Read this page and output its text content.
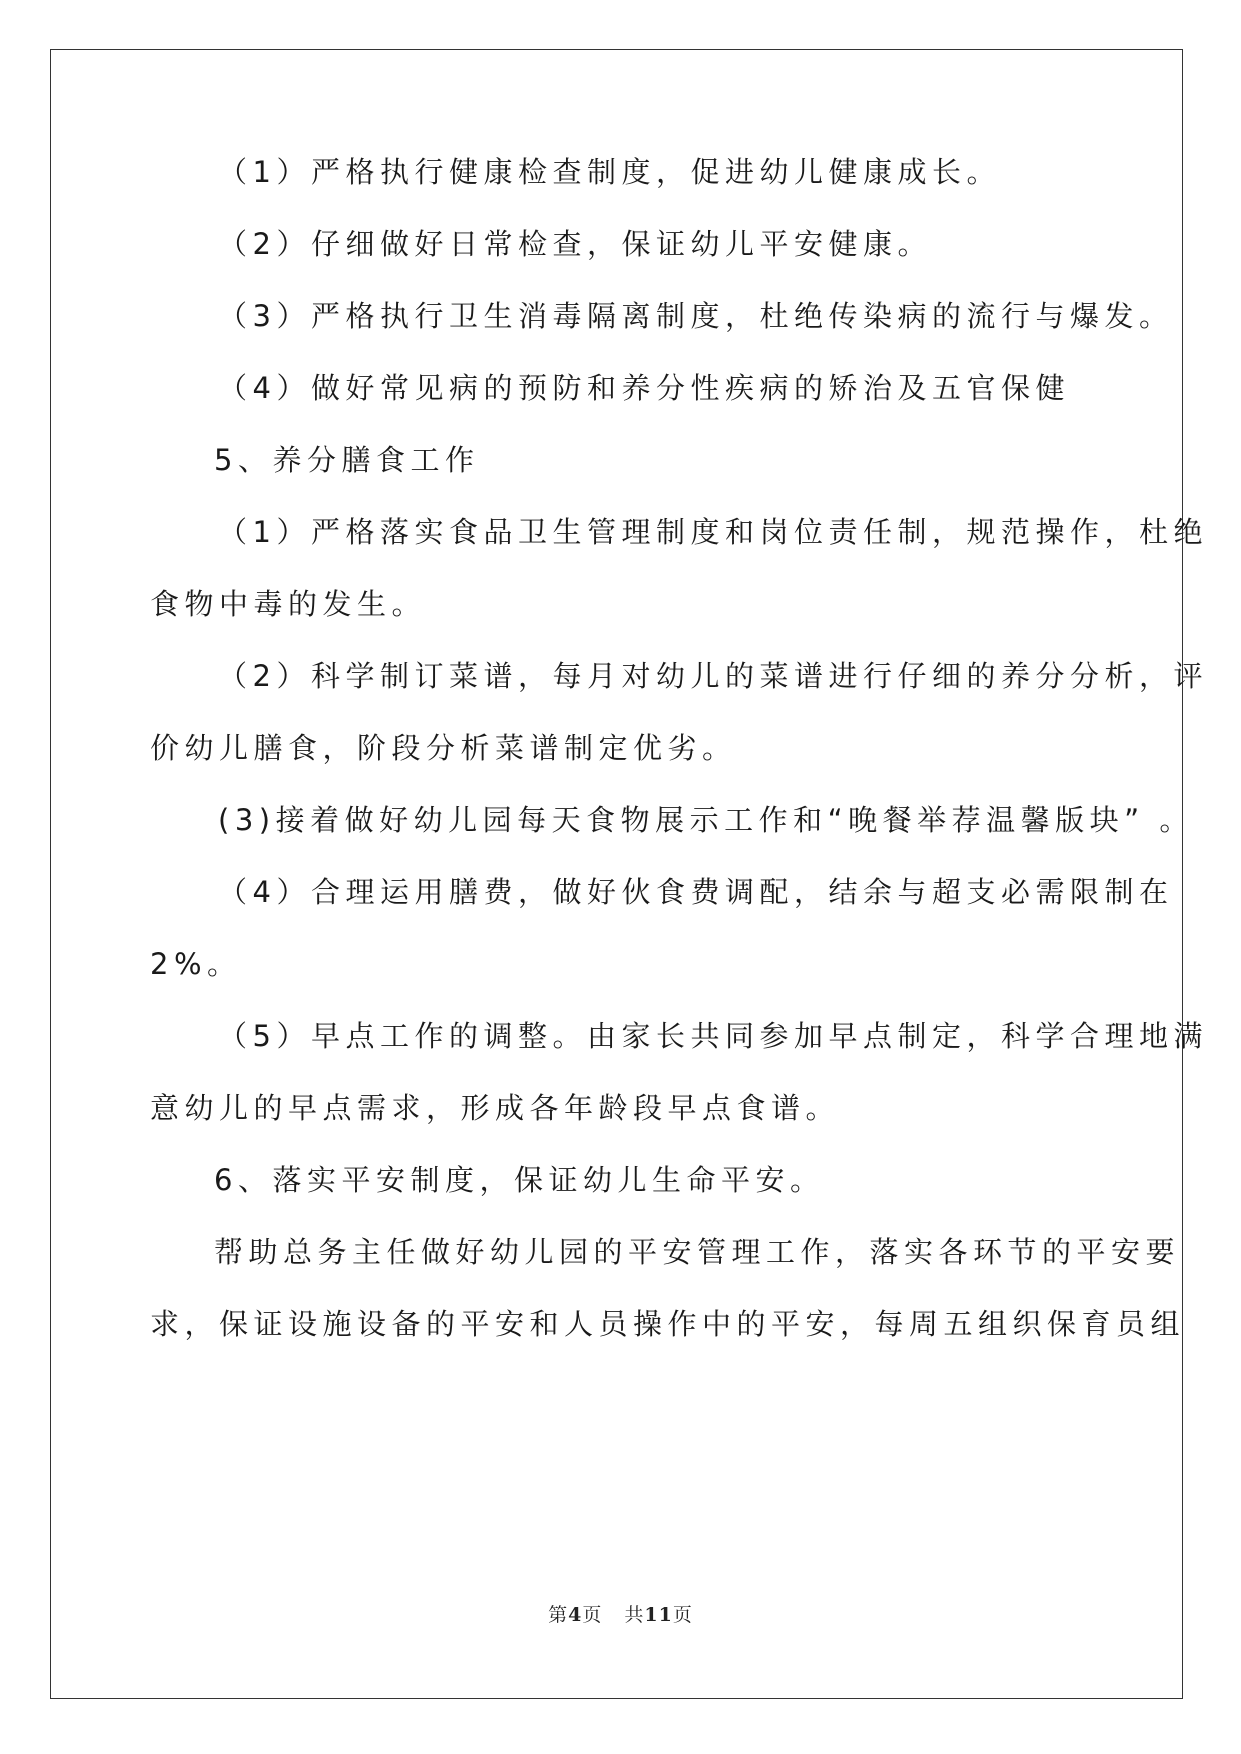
（1）严格执行健康检查制度，促进幼儿健康成长。
（2）仔细做好日常检查，保证幼儿平安健康。
（3）严格执行卫生消毒隔离制度，杜绝传染病的流行与爆发。
（4）做好常见病的预防和养分性疾病的矫治及五官保健
5、养分膳食工作
（1）严格落实食品卫生管理制度和岗位责任制，规范操作，杜绝
食物中毒的发生。
（2）科学制订菜谱，每月对幼儿的菜谱进行仔细的养分分析，评
价幼儿膳食，阶段分析菜谱制定优劣。
(3)接着做好幼儿园每天食物展示工作和“晚餐举荐温馨版块” 。
（4）合理运用膳费，做好伙食费调配，结余与超支必需限制在
2%。
（5）早点工作的调整。由家长共同参加早点制定，科学合理地满
意幼儿的早点需求，形成各年龄段早点食谱。
6、落实平安制度，保证幼儿生命平安。
帮助总务主任做好幼儿园的平安管理工作，落实各环节的平安要
求，保证设施设备的平安和人员操作中的平安，每周五组织保育员组
第4页 共11页
